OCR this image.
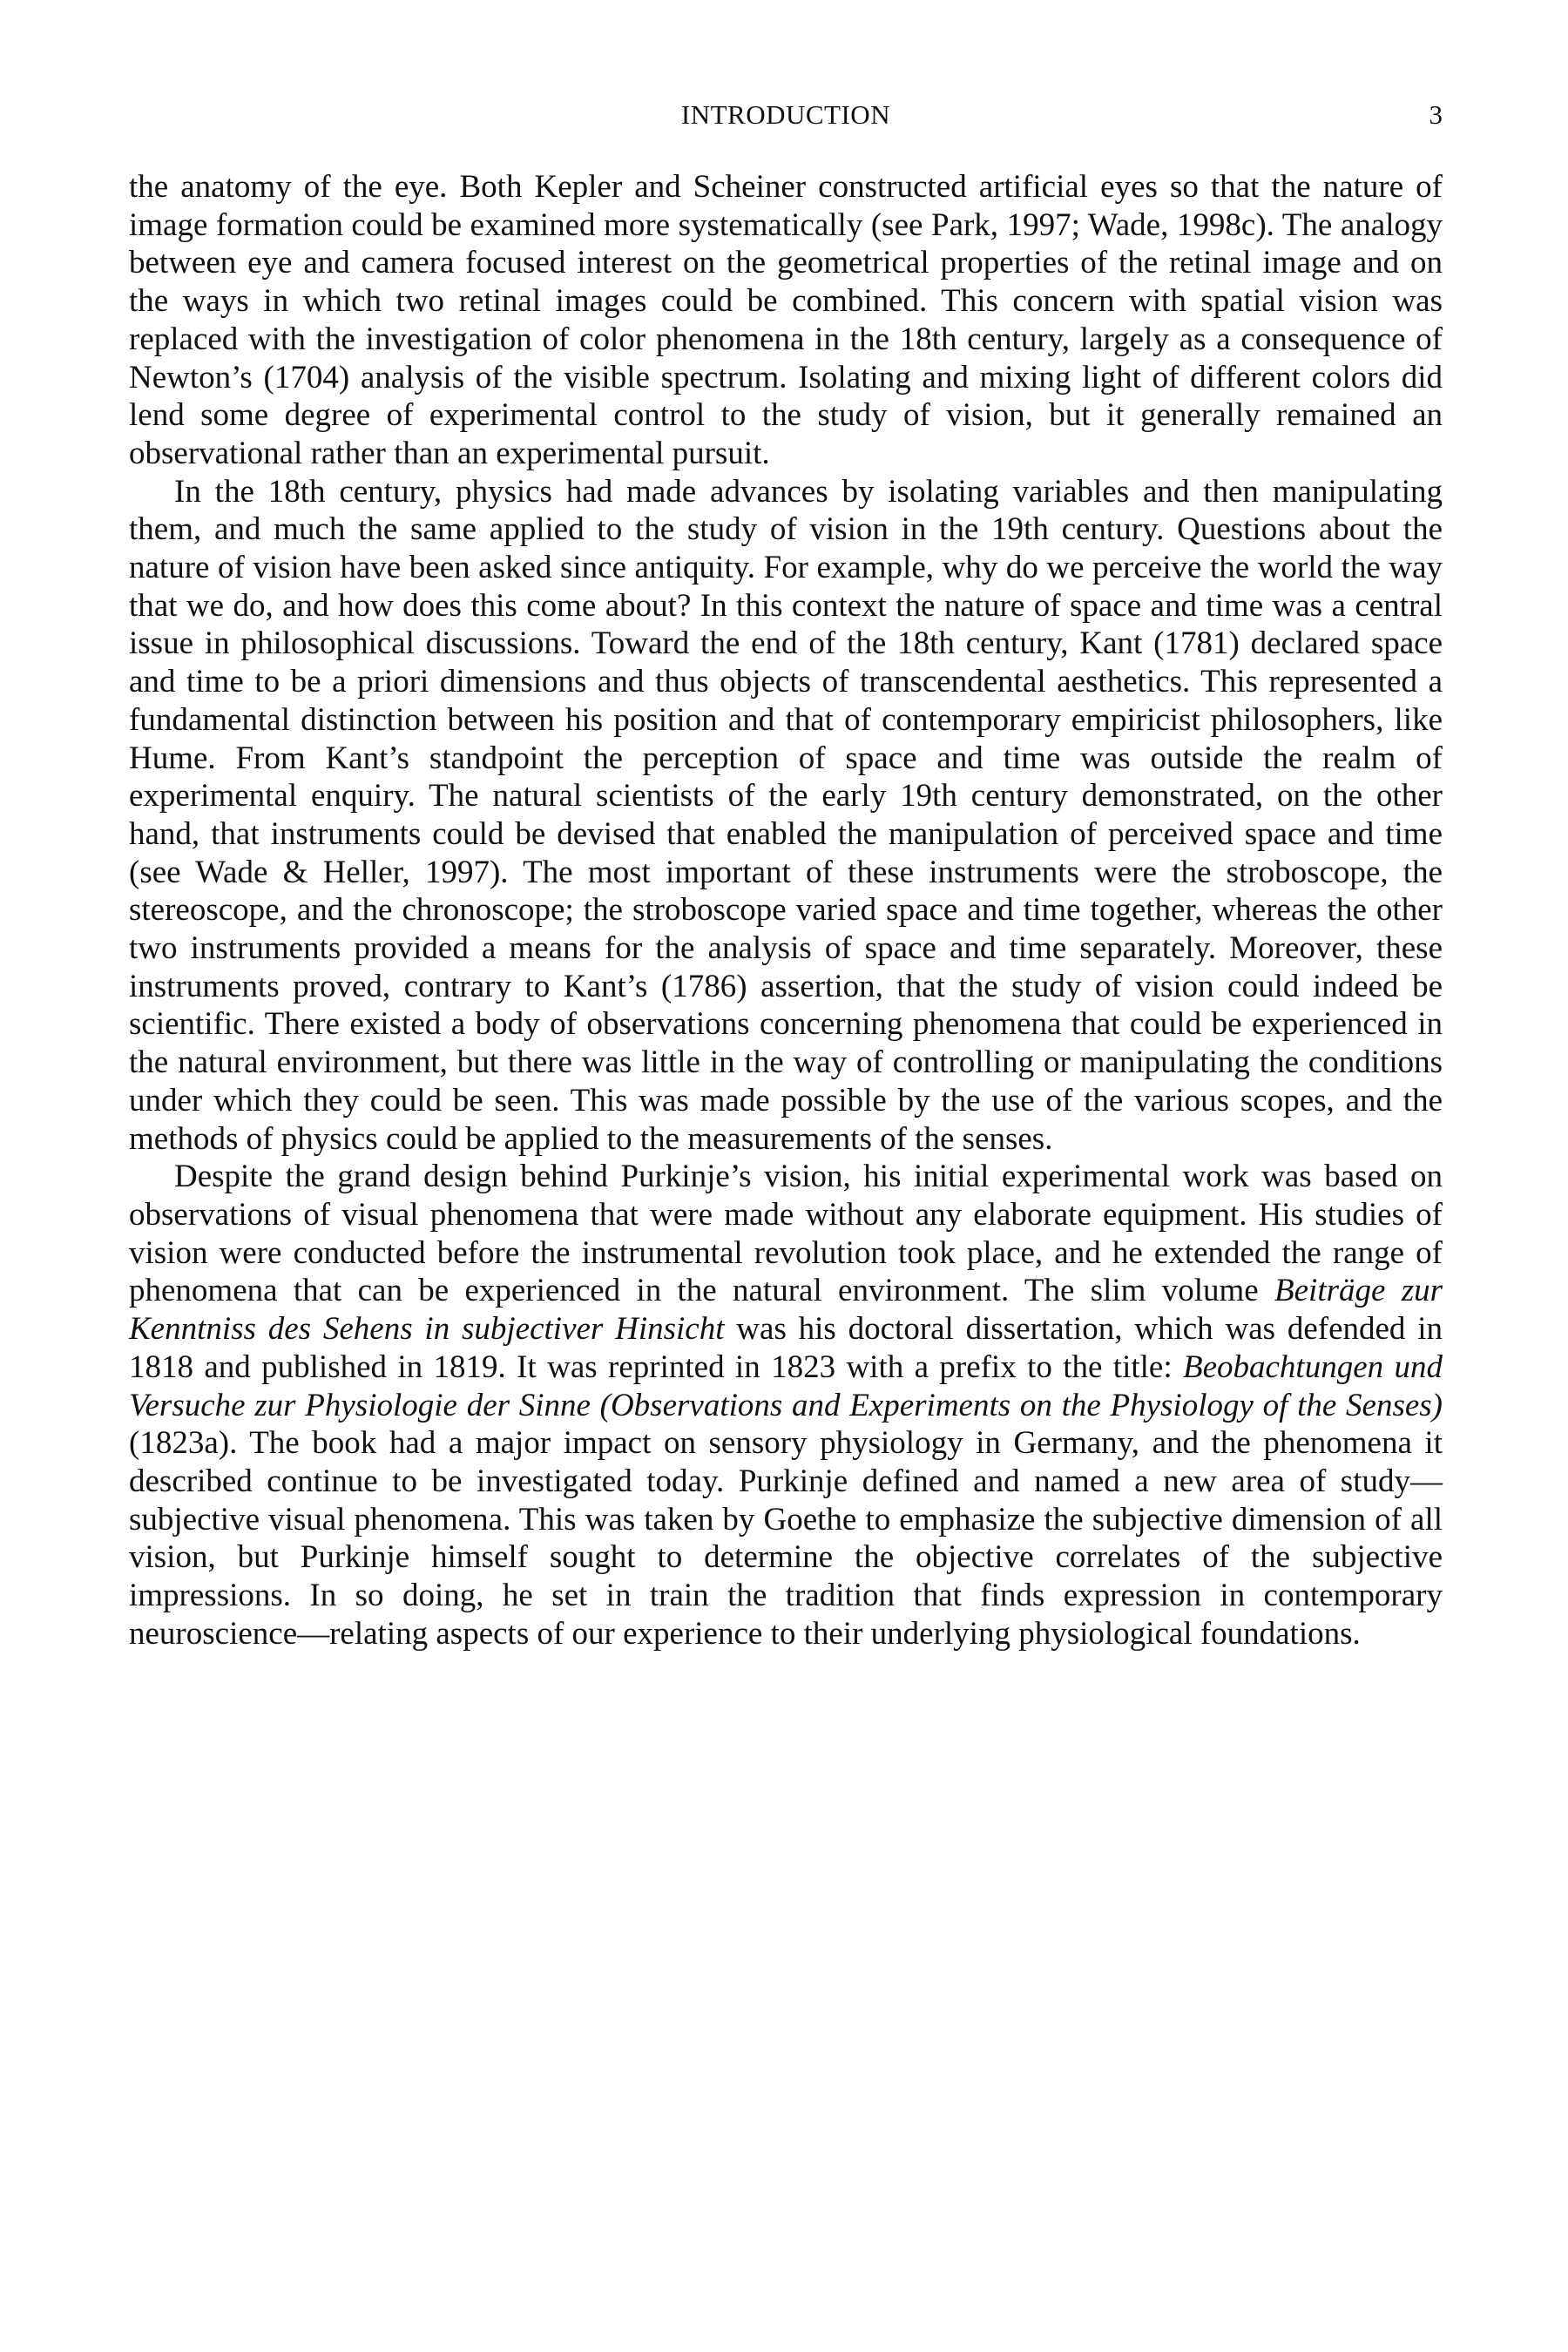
INTRODUCTION	3

the anatomy of the eye. Both Kepler and Scheiner constructed artificial eyes so that the nature of image formation could be examined more systematically (see Park, 1997; Wade, 1998c). The analogy between eye and camera focused interest on the geometrical properties of the retinal image and on the ways in which two retinal images could be combined. This concern with spatial vision was replaced with the investigation of color phenomena in the 18th century, largely as a consequence of Newton’s (1704) analysis of the visible spectrum. Isolating and mixing light of different colors did lend some degree of experimental control to the study of vision, but it generally remained an observational rather than an experimental pursuit.

In the 18th century, physics had made advances by isolating variables and then manipulating them, and much the same applied to the study of vision in the 19th century. Questions about the nature of vision have been asked since antiquity. For example, why do we perceive the world the way that we do, and how does this come about? In this context the nature of space and time was a central issue in philosophical discussions. Toward the end of the 18th century, Kant (1781) declared space and time to be a priori dimensions and thus objects of transcendental aesthetics. This represented a fundamental distinction between his position and that of contemporary empiricist philosophers, like Hume. From Kant’s standpoint the perception of space and time was outside the realm of experimental enquiry. The natural scientists of the early 19th century demonstrated, on the other hand, that instruments could be devised that enabled the manipulation of perceived space and time (see Wade & Heller, 1997). The most important of these instruments were the stroboscope, the stereoscope, and the chronoscope; the stroboscope varied space and time together, whereas the other two instruments provided a means for the analysis of space and time separately. Moreover, these instruments proved, contrary to Kant’s (1786) assertion, that the study of vision could indeed be scientific. There existed a body of observations concerning phenomena that could be experienced in the natural environment, but there was little in the way of controlling or manipulating the conditions under which they could be seen. This was made possible by the use of the various scopes, and the methods of physics could be applied to the measurements of the senses.

Despite the grand design behind Purkinje’s vision, his initial experimental work was based on observations of visual phenomena that were made without any elaborate equipment. His studies of vision were conducted before the instrumental revolution took place, and he extended the range of phenomena that can be experienced in the natural environment. The slim volume Beiträge zur Kenntniss des Sehens in subjectiver Hinsicht was his doctoral dissertation, which was defended in 1818 and published in 1819. It was reprinted in 1823 with a prefix to the title: Beobachtungen und Versuche zur Physiologie der Sinne (Observations and Experiments on the Physiology of the Senses) (1823a). The book had a major impact on sensory physiology in Germany, and the phenomena it described continue to be investigated today. Purkinje defined and named a new area of study—subjective visual phenomena. This was taken by Goethe to emphasize the subjective dimension of all vision, but Purkinje himself sought to determine the objective correlates of the subjective impressions. In so doing, he set in train the tradition that finds expression in contemporary neuroscience—relating aspects of our experience to their underlying physiological foundations.
